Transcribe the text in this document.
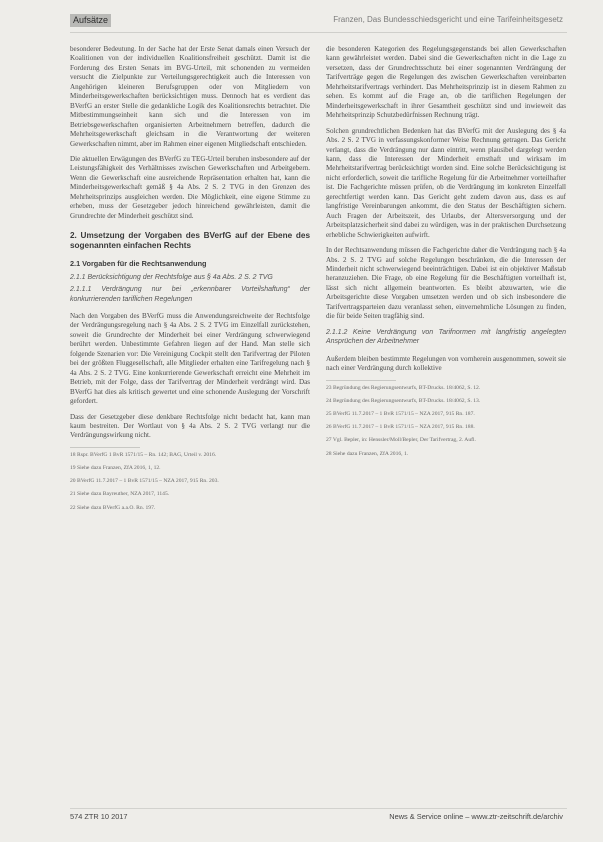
Aufsätze	Franzen, Das Bundesschiedsgericht und eine Tarifeinheitsgesetz

besonderer Bedeutung. In der Sache hat der Erste Senat damals einen Versuch der Koalitionen von der individuellen Koalitionsfreiheit geschützt. Damit ist die Forderung des Ersten Senats im BVG-Urteil, mit schonenden zu vermeiden versucht die Zielpunkte zur Verteilungsgerechtigkeit auch die Interessen von Angehörigen kleineren Berufsgruppen oder von Mitgliedern von Minderheitsgewerkschaften berücksichtigen muss. Dennoch hat es verdient das BVerfG an erster Stelle die gedankliche Logik des Koalitionsrechts betrachtet. Die Mitbestimmungseinheit kann sich und die Interessen von im Betriebsgewerkschaften organisierten Arbeitnehmern betreffen, dadurch die Mehrheitsgewerkschaft gleichsam in die Verantwortung der weiteren Gewerkschaften nimmt, aber im Rahmen einer eigenen Mitgliedschaft entschieden.

Die aktuellen Erwägungen des BVerfG zu TEG-Urteil beruhen insbesondere auf der Leistungsfähigkeit des Verhältnisses zwischen Gewerkschaften und Arbeitgebern. Wenn die Gewerkschaft eine ausreichende Repräsentation erhalten hat, kann die Minderheitsgewerkschaft gemäß § 4a Abs. 2 S. 2 TVG in den Grenzen des Mehrheitsprinzips ausgleichen werden. Die Möglichkeit, eine eigene Stimme zu erheben, muss der Gesetzgeber jedoch hinreichend gewährleisten, damit die Grundrechte der Minderheit geschützt sind.

2. Umsetzung der Vorgaben des BVerfG auf der Ebene des sogenannten einfachen Rechts
2.1 Vorgaben für die Rechtsanwendung
2.1.1 Berücksichtigung der Rechtsfolge aus § 4a Abs. 2 S. 2 TVG
2.1.1.1 Verdrängung nur bei „erkennbarer Vorteilshaftung“ der konkurrierenden tariflichen Regelungen

Nach den Vorgaben des BVerfG muss die Anwendungsreichweite der Rechtsfolge der Verdrängungsregelung nach § 4a Abs. 2 S. 2 TVG im Einzelfall zurückstehen, soweit die Grundrechte der Minderheit bei einer Verdrängung schwerwiegend berührt werden. Unbestimmte Gefahren liegen auf der Hand. Man stelle sich folgende Szenarien vor: Die Vereinigung Cockpit stellt den Tarifvertrag der Piloten bei der größten Fluggesellschaft, alle Mitglieder erhalten eine Tarifregelung nach § 4a Abs. 2 S. 2 TVG. Eine konkurrierende Gewerkschaft erreicht eine Mehrheit im Betrieb, mit der Folge, dass der Tarifvertrag der Minderheit verdrängt wird. Das BVerfG hat dies als kritisch gewertet und eine schonende Auslegung der Vorschrift gefordert.

Dass der Gesetzgeber diese denkbare Rechtsfolge nicht bedacht hat, kann man kaum bestreiten. Der Wortlaut von § 4a Abs. 2 S. 2 TVG verlangt nur die Verdrängungswirkung nicht.

18 Rspr. BVerfG 1 BvR 1571/15 – Rn. 142; BAG, Urteil v. 2016.

19 Siehe dazu Franzen, ZfA 2016, 1, 12.

20 BVerfG 11.7.2017 – 1 BvR 1571/15 – NZA 2017, 915 Rn. 203.

21 Siehe dazu Bayreuther, NZA 2017, 1145.

22 Siehe dazu BVerfG a.a.O. Rn. 197.

die besonderen Kategorien des Regelungsgegenstands bei allen Gewerkschaften kann gewährleistet werden. Dabei sind die Gewerkschaften nicht in die Lage zu versetzen, dass der Grundrechtsschutz bei einer sogenannten Verdrängung der Tarifverträge gegen die Regelungen des zwischen Gewerkschaften vereinbarten Mehrheitstarifvertrags verhindert. Das Mehrheitsprinzip ist in diesem Rahmen zu sehen. Es kommt auf die Frage an, ob die tariflichen Regelungen der Minderheitsgewerkschaft in ihrer Gesamtheit geschützt sind und inwieweit das Mehrheitsprinzip Schutzbedürfnissen Rechnung trägt.

Solchen grundrechtlichen Bedenken hat das BVerfG mit der Auslegung des § 4a Abs. 2 S. 2 TVG in verfassungskonformer Weise Rechnung getragen. Das Gericht verlangt, dass die Verdrängung nur dann eintritt, wenn plausibel dargelegt werden kann, dass die Interessen der Minderheit ernsthaft und wirksam im Mehrheitstarifvertrag berücksichtigt worden sind. Eine solche Berücksichtigung ist nicht erforderlich, soweit die tarifliche Regelung für die Arbeitnehmer vorteilhafter ist. Die Fachgerichte müssen prüfen, ob die Verdrängung im konkreten Einzelfall gerechtfertigt werden kann. Das Gericht geht zudem davon aus, dass es auf langfristige Vereinbarungen ankommt, die den Status der Beschäftigten sichern. Auch Fragen der Arbeitszeit, des Urlaubs, der Altersversorgung und der Arbeitsplatzsicherheit sind dabei zu würdigen, was in der praktischen Durchsetzung erhebliche Schwierigkeiten aufwirft.

In der Rechtsanwendung müssen die Fachgerichte daher die Verdrängung nach § 4a Abs. 2 S. 2 TVG auf solche Regelungen beschränken, die die Interessen der Minderheit nicht schwerwiegend beeinträchtigen. Dabei ist ein objektiver Maßstab heranzuziehen. Die Frage, ob eine Regelung für die Beschäftigten vorteilhaft ist, lässt sich nicht allgemein beantworten. Es bleibt abzuwarten, wie die Arbeitsgerichte diese Vorgaben umsetzen werden und ob sich insbesondere die Tarifvertragsparteien dazu veranlasst sehen, einvernehmliche Lösungen zu finden, die für beide Seiten tragfähig sind.

2.1.1.2 Keine Verdrängung von Tarifnormen mit langfristig angelegten Ansprüchen der Arbeitnehmer

Außerdem bleiben bestimmte Regelungen von vornherein ausgenommen, soweit sie nach einer Verdrängung durch kollektive

23 Begründung des Regierungsentwurfs, BT-Drucks. 18/4062, S. 12.

24 Begründung des Regierungsentwurfs, BT-Drucks. 18/4062, S. 13.

25 BVerfG 11.7.2017 – 1 BvR 1571/15 – NZA 2017, 915 Rn. 187.

26 BVerfG 11.7.2017 – 1 BvR 1571/15 – NZA 2017, 915 Rn. 188.

27 Vgl. Bepler, in: Henssler/Moll/Bepler, Der Tarifvertrag, 2. Aufl.

28 Siehe dazu Franzen, ZfA 2016, 1.

574 ZTR 10 2017	News & Service online – www.ztr-zeitschrift.de/archiv
